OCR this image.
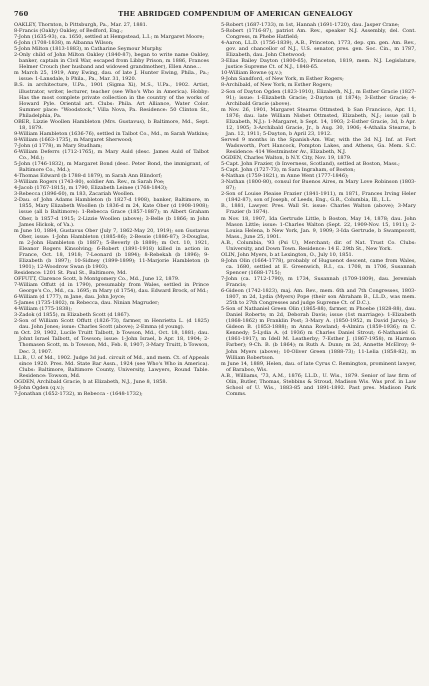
760	THE ABRIDGED COMPENDIUM OF AMERICAN GENEALOGY

OAKLEY, Thornton, b Pittsburgh, Pa., Mar. 27, 1881.

8-Francis (Oakly) Oakley, of Bedford, Eng.;

7-John (1635-93), ca. 1650, settled at Hempstead, L.I.; m Margaret Moore;

6-John (1708-1838), m Albanna Wilson;

5-John Milton (1813-1883), m Catharine Seymour Murphy.

2-Only child of John Milton Oakley (1840-87), began to write name Oakley, banker, captain in Civil War, escaped from Libby Prison, m 1886, Frances Helmer Crouch (her husband and widowed grandmother), Ellen Anne...

m March 25, 1919, Amy Ewing, dau. of late J. Hunter Ewing, Phila., Pa.; issue: 1-Lansdale, b Phila., Pa., Mar. 31, 1920.

B.S. in architecture, U.Pa., 1901 (Sigma Xi), M.S., U.Pa., 1902. Artist, illustrator, writer, lecturer, teacher (see Who's Who in America). Hobby: Has the most complete private collection in the country of the works of Howard Pyle. Oriental art. Clubs: Phila. Art Alliance, Water Color. Summer place: "Woodstock," Villa Nova, Pa. Residence: 50 Clinton St., Philadelphia, Pa.

OBER, Lizzie Woollen Hambleton (Mrs. Gustavus), b Baltimore, Md., Sept. 18, 1879.

9-William Hambleton (1636-76), settled in Talbot Co., Md., m Sarah Watkins;

8-William (1663-1735), m Margaret Sherwood;

7-John (d 1778), m Mary Studham;

6-William Deferrs (1712-1765), m Mary Auld (desc. James Auld of Talbot Co., Md.);

5-John (1746-1832), m Margaret Bond (desc. Peter Bond, the immigrant, of Baltimore Co., Md.);

4-Thomas Edward (b 1788-d 1879), m Sarah Ann Blindorf;

3-William Rogers (1743-80), soldier Am. Rev., m Sarah Poe;

4-Jacob (1767-1815), m 1790, Elizabeth Leinee (1768-1843);

3-Rebecca (1896-60), m 183, Zacariah Woollen.

2-Dau. of John Adams Hambleton (b 1827-d 1908), banker, Baltimore, m 1855, Mary Elizabeth Woollen (b 1836-d m 24, Kate Ober (d 1908-1908); issue (all b Baltimore): 1-Rebecca Grace (1857-1887); m Albert Graham Ober, b 1857-d 1915; 2-Lizzie Woollen (above); 3-Belle (b 1866; m John James Hickok, of Va.).

m June 10, 1884, Gustavus Ober (July 7, 1862-May 20, 1919); son Gustavus Ober, issue: 1-John Hambleton (1885-86); 2-Bessie (1886-87); 3-Douglas, m 2-John Hambleton (b 1887); 5-Beverly (b 1889); m Oct. 10, 1921, Eleanor Rogers Kinsolving; 6-Robert (1891-1918) killed in action in France, Oct. 18, 1918; 7-Leonard (b 1894); 8-Rebekah (b 1896); 9-Elizabeth (b 1897); 10-Sidney (1899-1899); 11-Marjorie Hambleton (b 1901); 12-Woodrow Swan (b 1903).

Residence: 1201 St. Paul St., Baltimore, Md.

OFFUTT, Clarence Scott, b Montgomery Co., Md., June 12, 1879.

7-William Offutt (d in 1790), presumably from Wales, settled in Prince George's Co., Md., ca. 1695; m Mary (d 1754), dau. Edward Brock, of Md.;

6-William (d 1777), m Jane, dau. John Joyce;

5-James (1735-1802), m Rebecca, dau. Ninian Magruder;

4-William (1775-1838);

3-Zadok (d 1855), m Elizabeth Scott (d 1867).

2-Son of William Scott Offutt (1826-73), farmer, m Henrietta L. (d 1825) dau. John Jones; issue: Charles Scott (above); 2-Emma (d young).

m Oct. 29, 1902, Lucile Truitt Talbott, b Towson, Md., Oct. 18, 1881; dau. Johnt Israel Talbott, of Towson; issue: 1-John Israel, b Apr. 18, 1904; 2-Thomasen Scott, m. b Towson, Md., Feb. 8, 1907; 3-Mary Truitt, b Towson, Dec. 3, 1907.

LL.B., U. of Md., 1902. Judge 3d jud. circuit of Md., and mem. Ct. of Appeals since 1920. Pres. Md. State Bar Assn., 1924 (see Who's Who in America). Clubs: Baltimore, Baltimore County, University, Lawyers, Round Table. Residence: Towson, Md.

OGDEN, Archibald Gracie, b at Elizabeth, N.J., June 8, 1858.

8-John Ogden (q.v.);

7-Jonathan (1652-1732), m Rebecca - (1648-1732);

5-Robert (1687-1733), m 1st, Hannah (1691-1720), dau. Jasper Crane;

5-Robert (1716-87), patriot Am. Rev., speaker N.J. Assembly, del. Cont. Congress, m Phebe Hatfield;

4-Aaron, LL.D. (1756-1839), A.B., Princeton, 1773, dep. qm. gen. Am. Rev., gov. and chancellor of N.J., U.S. senator, pres. gen. Soc. Cin., m 1787, Elizabeth, dau. John Chetwood;

3-Elias Bailey Dayton (1800-65), Princeton, 1819, mem. N.J. Legislature, justice Supreme Ct. of N.J., 1848-65.

10-William Bowne (q.v.);

9-John Sandford, of New York, m Esther Rogers;

8-Archibald, of New York, m Esther Rogers;

2-Son of Dayton Ogden (1823-1910), Elizabeth, N.J., m Esther Gracie (1827-91); issue: 1-Elizabeth Gracie; 2-Dayton (d 1874); 3-Esther Gracie; 4-Archibald Gracie (above).

m Nov. 26, 1901, Margaret Stearns Ottmsted, b San Francisco, Apr. 11, 1876; dau. late William Nisbet Ottmsted, Elizabeth, N.J.; issue (all b Elizabeth, N.J.): 1-Margaret, b Sept. 14, 1903; 2-Esther Gracie, 3d, b Apr. 12, 1905; 3-Archibald Gracie, Jr., b Aug. 30, 1906; 4-Athalia Stearns, b Jan. 12, 1911; 5-Dayton, b April 23, 1912.

Served 9 months in the Spanish-Am. War, with the 3d N.J. Inf. at Fort Wadsworth, Port Hancock, Pompton Lakes, and Athens, Ga. Mem. S.C. Residence: 414 Westminster Av., Elizabeth, N.J.

OGDEN, Charles Walton, b N.Y. City, Nov. 19, 1879.

5-Capt. John Frazier, (b Inverness, Scotland), settled at Boston, Mass.;

5-Capt. John (1727-73), m Sara Ingraham, of Boston;

4-Nathan (1759-1821), m Anne Went (1777-1846);

3-Nathan (1800-80), consul for Buenos Aires, m Mary Love Robinson (1803-87);

2-Son of Louise Pleaise Frazier (1841-1911), m 1871, Frances Irving Heler (1842-87), son of Joseph, of Leeds, Eng., G.R., Columbia, Ill., L.L.

B., 1881, Lawyer. Pres. Wall St. issue: Charles Walton (above); 3-Mary Frazier (b 1874).

m Nov. 18, 1907, Ida Gertrude Little, b Boston, May 14, 1878; dau. John Mason Little; issue: 1-Charles Walton (Sept. 22, 1909-Nov. 15, 1911); 2-Louisa Helena, b New York, Jan. 9, 1909; 3-Ida Gertrude, b Swampscott, Mass., June 25, 1901.

A.B., Columbia, '93 (Psi U), Merchant; dir. of Nat. Trust Co. Clubs: University, and Down Town. Residence: 14 E. 29th St., New York.

OLIN, John Myers, b at Lexington, O., July 10, 1851.

8-John Olin (1664-1778), probably of Huguenot descent, came from Wales, ca. 1680, settled at E. Greenwich, R.I., ca. 1708, m 1706, Susannah Spencer (1688-1715);

7-John (ca. 1712-1790), m 1734, Susannah (1709-1809), dau. Jeremiah Francis;

6-Gideon (1742-1823), maj. Am. Rev., mem. 6th and 7th Congresses, 1803-1807, m 2d, Lydia (Myers) Pope (their son Abraham B., LL.D., was mem. 25th to 27th Congresses and judge Supreme Ct. of D.C.).

5-Son of Nathaniel Green Olin (1865-88), farmer, m Phoebe (1828-88), dau. Daniel Roberts; m 2d, Deborah Davis; issue (1st marriage): 1-Elizabeth (1868-1862) m Franklin Post; 3-Mary A. (1850-1952, m David Jarvis); 3-Gideon B. (1853-1888); m Anna Rowland; 4-Almira (1859-1936); m C. Kennedy; 5-Lydia A. (d 1936) m Charles Daniel Strout; 6-Nathaniel G. (1861-1917), m Idell M. Leatherby; 7-Esther J. (1867-1958), m Harmon Farber); 9-Ch. B. (b 1864); m Ruth A. Dunn; m 2d, Annette McElroy; 9-John Myers (above); 10-Oliver Green (1888-73); 11-Lelia (1858-82), m William Robertson.

m June 14, 1889, Helen, dau. of late Cyrus C. Remington, prominent lawyer, of Baraboo, Wis.

A.B., Williams, '73, A.M., 1876; LL.D., U. Wis., 1879. Senior of law firm of Olin, Butler, Thomas, Stebbins & Stroud, Madison Wis. Was prof. in Law School of U. Wis., 1883-85 and 1891-1892. Past pres. Madison Park Comms.
